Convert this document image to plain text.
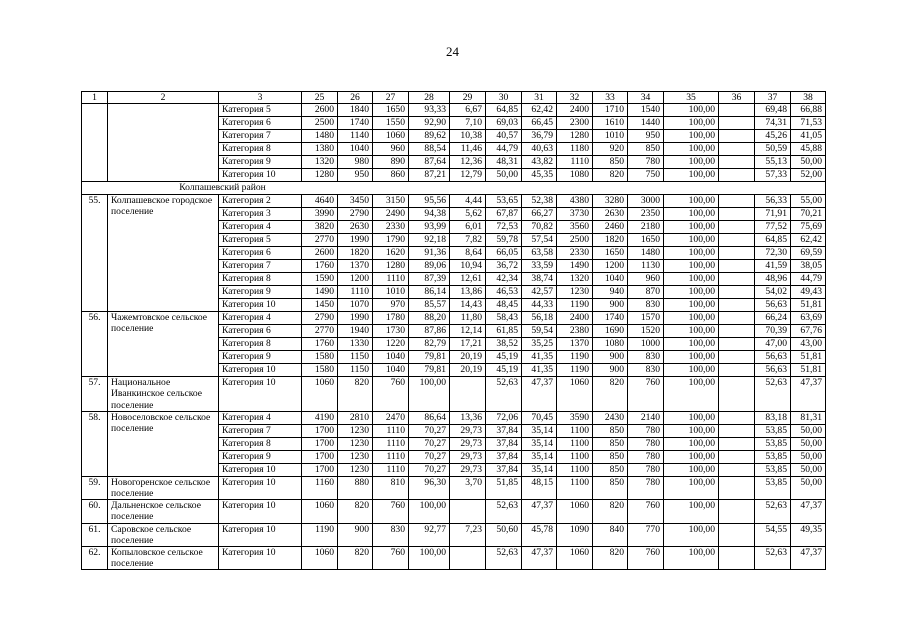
24
1	2	3	25	26	27	28	29	30	31	32	33	34	35	36	37	38
		Категория 5	2600	1840	1650	93,33	6,67	64,85	62,42	2400	1710	1540	100,00		69,48	66,88
		Категория 6	2500	1740	1550	92,90	7,10	69,03	66,45	2300	1610	1440	100,00		74,31	71,53
		Категория 7	1480	1140	1060	89,62	10,38	40,57	36,79	1280	1010	950	100,00		45,26	41,05
		Категория 8	1380	1040	960	88,54	11,46	44,79	40,63	1180	920	850	100,00		50,59	45,88
		Категория 9	1320	980	890	87,64	12,36	48,31	43,82	1110	850	780	100,00		55,13	50,00
		Категория 10	1280	950	860	87,21	12,79	50,00	45,35	1080	820	750	100,00		57,33	52,00
	Колпашевский район															
55.	Колпашевское городское поселение	Категория 2	4640	3450	3150	95,56	4,44	53,65	52,38	4380	3280	3000	100,00		56,33	55,00
		Категория 3	3990	2790	2490	94,38	5,62	67,87	66,27	3730	2630	2350	100,00		71,91	70,21
		Категория 4	3820	2630	2330	93,99	6,01	72,53	70,82	3560	2460	2180	100,00		77,52	75,69
		Категория 5	2770	1990	1790	92,18	7,82	59,78	57,54	2500	1820	1650	100,00		64,85	62,42
		Категория 6	2600	1820	1620	91,36	8,64	66,05	63,58	2330	1650	1480	100,00		72,30	69,59
		Категория 7	1760	1370	1280	89,06	10,94	36,72	33,59	1490	1200	1130	100,00		41,59	38,05
		Категория 8	1590	1200	1110	87,39	12,61	42,34	38,74	1320	1040	960	100,00		48,96	44,79
		Категория 9	1490	1110	1010	86,14	13,86	46,53	42,57	1230	940	870	100,00		54,02	49,43
		Категория 10	1450	1070	970	85,57	14,43	48,45	44,33	1190	900	830	100,00		56,63	51,81
56.	Чажемтовское сельское поселение	Категория 4	2790	1990	1780	88,20	11,80	58,43	56,18	2400	1740	1570	100,00		66,24	63,69
		Категория 6	2770	1940	1730	87,86	12,14	61,85	59,54	2380	1690	1520	100,00		70,39	67,76
		Категория 8	1760	1330	1220	82,79	17,21	38,52	35,25	1370	1080	1000	100,00		47,00	43,00
		Категория 9	1580	1150	1040	79,81	20,19	45,19	41,35	1190	900	830	100,00		56,63	51,81
		Категория 10	1580	1150	1040	79,81	20,19	45,19	41,35	1190	900	830	100,00		56,63	51,81
57.	Национальное Иванкинское сельское поселение	Категория 10	1060	820	760	100,00		52,63	47,37	1060	820	760	100,00		52,63	47,37
58.	Новоселовское сельское поселение	Категория 4	4190	2810	2470	86,64	13,36	72,06	70,45	3590	2430	2140	100,00		83,18	81,31
		Категория 7	1700	1230	1110	70,27	29,73	37,84	35,14	1100	850	780	100,00		53,85	50,00
		Категория 8	1700	1230	1110	70,27	29,73	37,84	35,14	1100	850	780	100,00		53,85	50,00
		Категория 9	1700	1230	1110	70,27	29,73	37,84	35,14	1100	850	780	100,00		53,85	50,00
		Категория 10	1700	1230	1110	70,27	29,73	37,84	35,14	1100	850	780	100,00		53,85	50,00
59.	Новогоренское сельское поселение	Категория 10	1160	880	810	96,30	3,70	51,85	48,15	1100	850	780	100,00		53,85	50,00
60.	Дальненское сельское поселение	Категория 10	1060	820	760	100,00		52,63	47,37	1060	820	760	100,00		52,63	47,37
61.	Саровское сельское поселение	Категория 10	1190	900	830	92,77	7,23	50,60	45,78	1090	840	770	100,00		54,55	49,35
62.	Копыловское сельское поселение	Категория 10	1060	820	760	100,00		52,63	47,37	1060	820	760	100,00		52,63	47,37
